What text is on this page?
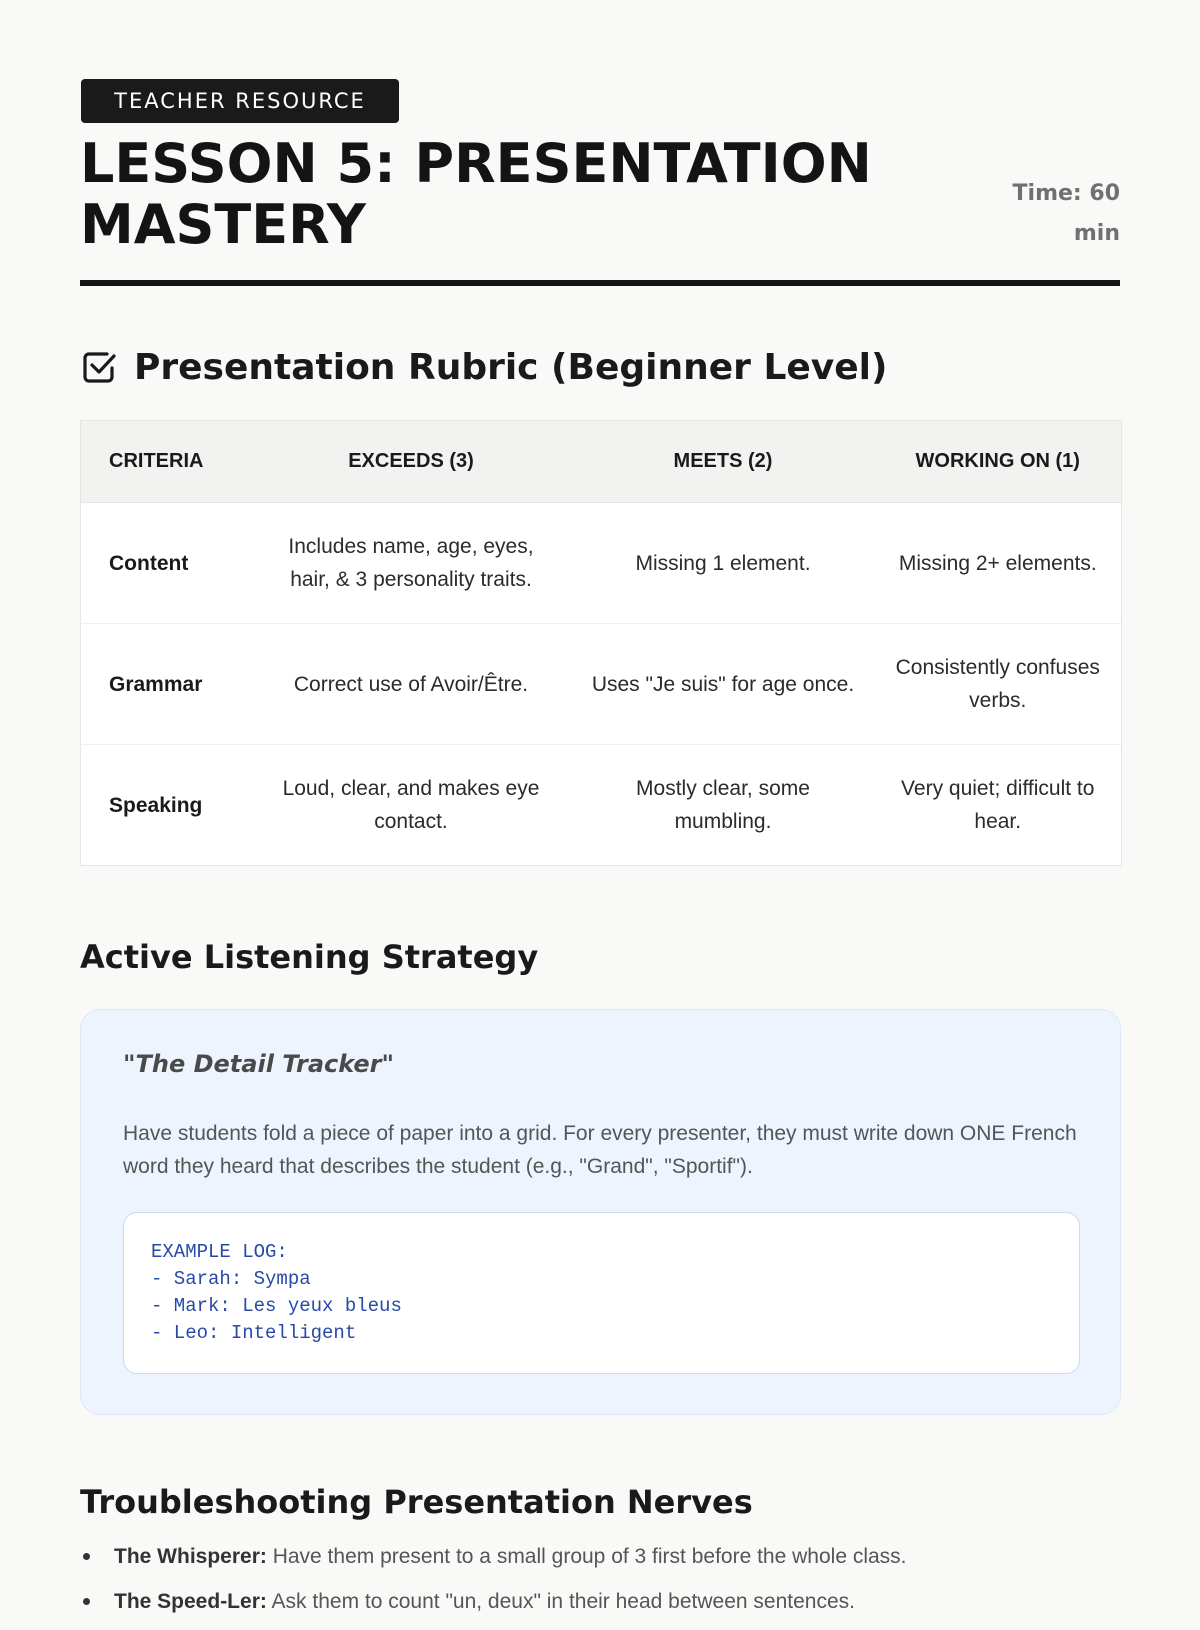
TEACHER RESOURCE
LESSON 5: PRESENTATION MASTERY	Time: 60 min
Presentation Rubric (Beginner Level)
CRITERIA	EXCEEDS (3)	MEETS (2)	WORKING ON (1)
Content	Includes name, age, eyes, hair, & 3 personality traits.	Missing 1 element.	Missing 2+ elements.
Grammar	Correct use of Avoir/Être.	Uses "Je suis" for age once.	Consistently confuses verbs.
Speaking	Loud, clear, and makes eye contact.	Mostly clear, some mumbling.	Very quiet; difficult to hear.
Active Listening Strategy
"The Detail Tracker"
Have students fold a piece of paper into a grid. For every presenter, they must write down ONE French word they heard that describes the student (e.g., "Grand", "Sportif").
EXAMPLE LOG:
- Sarah: Sympa
- Mark: Les yeux bleus
- Leo: Intelligent
Troubleshooting Presentation Nerves
The Whisperer: Have them present to a small group of 3 first before the whole class.
The Speed-Ler: Ask them to count "un, deux" in their head between sentences.
